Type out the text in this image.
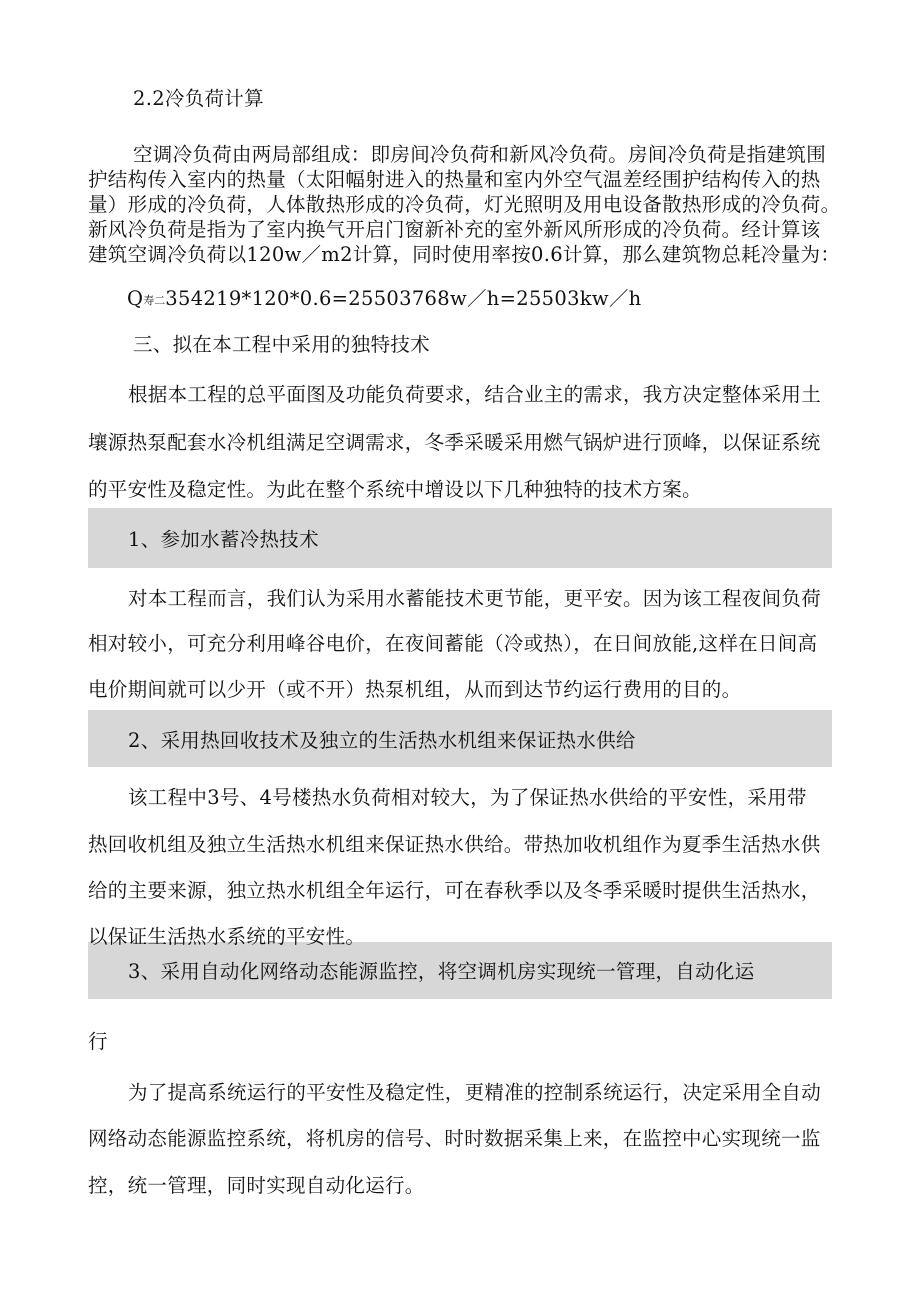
2.2冷负荷计算
空调冷负荷由两局部组成：即房间冷负荷和新风冷负荷。房间冷负荷是指建筑围
护结构传入室内的热量（太阳幅射进入的热量和室内外空气温差经围护结构传入的热
量）形成的冷负荷，人体散热形成的冷负荷，灯光照明及用电设备散热形成的冷负荷。
新风冷负荷是指为了室内换气开启门窗新补充的室外新风所形成的冷负荷。经计算该
建筑空调冷负荷以120w／m2计算，同时使用率按0.6计算，那么建筑物总耗冷量为：
Q寿二354219*120*0.6=25503768w／h=25503kw／h
三、拟在本工程中采用的独特技术
根据本工程的总平面图及功能负荷要求，结合业主的需求，我方决定整体采用土
壤源热泵配套水冷机组满足空调需求，冬季采暖采用燃气锅炉进行顶峰，以保证系统
的平安性及稳定性。为此在整个系统中增设以下几种独特的技术方案。
1、参加水蓄冷热技术
对本工程而言，我们认为采用水蓄能技术更节能，更平安。因为该工程夜间负荷
相对较小，可充分利用峰谷电价，在夜间蓄能（冷或热），在日间放能,这样在日间高
电价期间就可以少开（或不开）热泵机组，从而到达节约运行费用的目的。
2、采用热回收技术及独立的生活热水机组来保证热水供给
该工程中3号、4号楼热水负荷相对较大，为了保证热水供给的平安性，采用带
热回收机组及独立生活热水机组来保证热水供给。带热加收机组作为夏季生活热水供
给的主要来源，独立热水机组全年运行，可在春秋季以及冬季采暖时提供生活热水，
以保证生活热水系统的平安性。
3、采用自动化网络动态能源监控，将空调机房实现统一管理，自动化运
行
为了提高系统运行的平安性及稳定性，更精准的控制系统运行，决定采用全自动
网络动态能源监控系统，将机房的信号、时时数据采集上来，在监控中心实现统一监
控，统一管理，同时实现自动化运行。
